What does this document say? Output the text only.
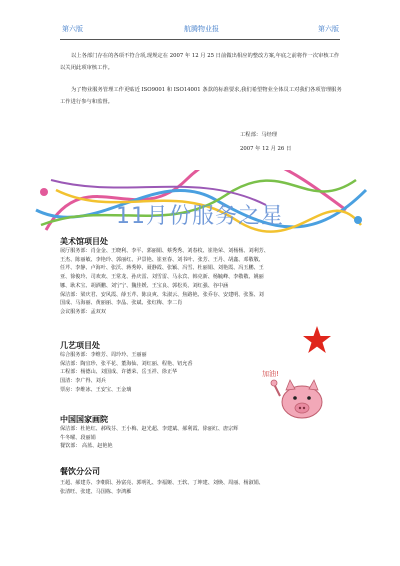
第六版	航腾物业报	第六版
以上各部门存在的各项不符合项,现规定在 2007 年 12 月 25 日前做出相应的整改方案,年底之前将作一次审核工作以关闭此项审核工作。
为了物业服务管理工作更贴近 ISO9001 和 ISO14001 条款的标准要求,我们希望物业全体员工对我们各项管理服务工作进行参与和监督。
工程部：马经理
2007 年 12 月 26 日
11月份服务之星
美术馆项目处
展厅服务部：肖金金、王晓利、李平、郭丽娟、蔡秀秀、刘春枚、崔艳荣、刘杨杨、刘利芳、
王杰、陈丽敏、李艳玲、郭丽红、尹景艳、崔亚春、刘书叶、张芳、王丹、胡鑫、邓敬敬、
任芹、李静、卢海叶、张沃、蒋秀婷、聂静霞、张颖、冯雪、杜丽娟、刘艳霞、冯玉鹏、王
亚、徐俊玲、司欢欢、王常龙、孙庆雷、刘雪雷、马永宾、韩克新、杨毓峰、李敬敬、姚丽
娜、耿术宝、胡酒鹏、刘宁宁、魏佳媛、王宝良、郭松英、刘红强、谷中涵
保洁部：梁庆君、安风霞、薛玉芹、陈良爽、朱淑云、焦路艳、张乔存、安建明、张鉴、刘
国成、马海丽、黄丽丽、李晶、张斌、张红梅、李二肖
会议服务部：孟双双
几艺项目处
综合服务部：李维芳、周玲玲、王丽丽
保洁部：陶宜珍、张平花、董海仙、刘红丽、程艳、钮允香
工程部：杨德山、刘国成、许德荣、岳玉祥、徐正华
国清：李广得、刘兵
票房：李维冰、王安宝、王金璃
加油!
中国国家画院
保洁部：杜艳红、郝线芬、王小梅、赵光超、李建斌、郝利霞、徐丽红、唐宗辉
牛冬曜、段丽娟
餐饮部： 高蓝、赵艳艳
餐饮分公司
王超、郝建芬、李朝阳、孙富亮、郭明礼、李福姬、王软、丁坤建、刘焕、周丽、杨淑娟、
张清旺、张建、马国栋、李鸿雁
